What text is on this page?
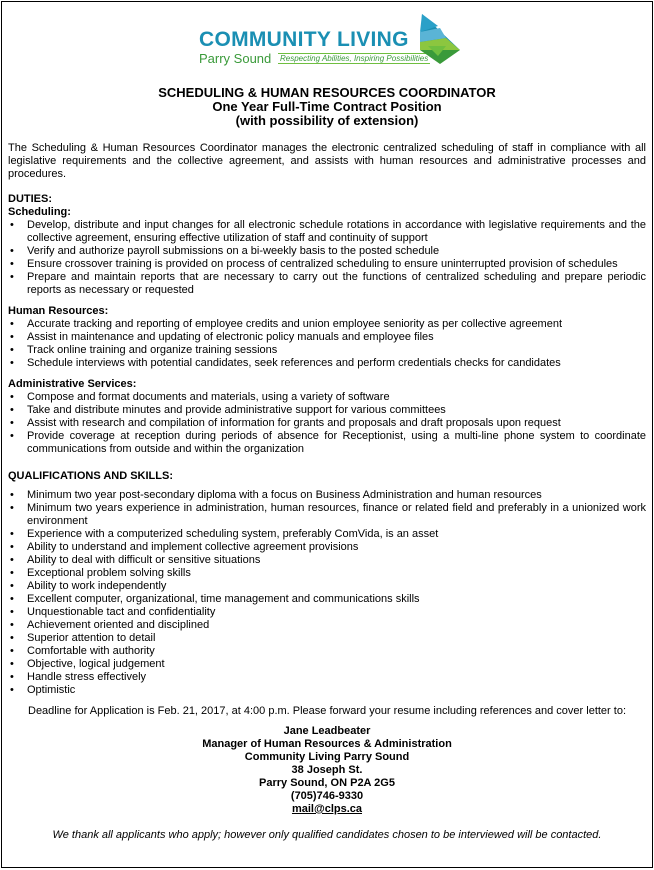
COMMUNITY LIVING
Parry Sound Respecting Abilities, Inspiring Possibilities
SCHEDULING & HUMAN RESOURCES COORDINATOR
One Year Full-Time Contract Position
(with possibility of extension)

The Scheduling & Human Resources Coordinator manages the electronic centralized scheduling of staff in compliance with all legislative requirements and the collective agreement, and assists with human resources and administrative processes and procedures.

DUTIES:

Scheduling:

• Develop, distribute and input changes for all electronic schedule rotations in accordance with legislative requirements and the collective agreement, ensuring effective utilization of staff and continuity of support
• Verify and authorize payroll submissions on a bi-weekly basis to the posted schedule
• Ensure crossover training is provided on process of centralized scheduling to ensure uninterrupted provision of schedules
• Prepare and maintain reports that are necessary to carry out the functions of centralized scheduling and prepare periodic reports as necessary or requested

Human Resources:

• Accurate tracking and reporting of employee credits and union employee seniority as per collective agreement
• Assist in maintenance and updating of electronic policy manuals and employee files
• Track online training and organize training sessions
• Schedule interviews with potential candidates, seek references and perform credentials checks for candidates

Administrative Services:

• Compose and format documents and materials, using a variety of software
• Take and distribute minutes and provide administrative support for various committees
• Assist with research and compilation of information for grants and proposals and draft proposals upon request
• Provide coverage at reception during periods of absence for Receptionist, using a multi-line phone system to coordinate communications from outside and within the organization

QUALIFICATIONS AND SKILLS:

• Minimum two year post-secondary diploma with a focus on Business Administration and human resources
• Minimum two years experience in administration, human resources, finance or related field and preferably in a unionized work environment
• Experience with a computerized scheduling system, preferably ComVida, is an asset
• Ability to understand and implement collective agreement provisions
• Ability to deal with difficult or sensitive situations
• Exceptional problem solving skills
• Ability to work independently
• Excellent computer, organizational, time management and communications skills
• Unquestionable tact and confidentiality
• Achievement oriented and disciplined
• Superior attention to detail
• Comfortable with authority
• Objective, logical judgement
• Handle stress effectively
• Optimistic

Deadline for Application is Feb. 21, 2017, at 4:00 p.m. Please forward your resume including references and cover letter to:

Jane Leadbeater
Manager of Human Resources & Administration
Community Living Parry Sound
38 Joseph St.
Parry Sound, ON P2A 2G5
(705)746-9330
mail@clps.ca

We thank all applicants who apply; however only qualified candidates chosen to be interviewed will be contacted.
